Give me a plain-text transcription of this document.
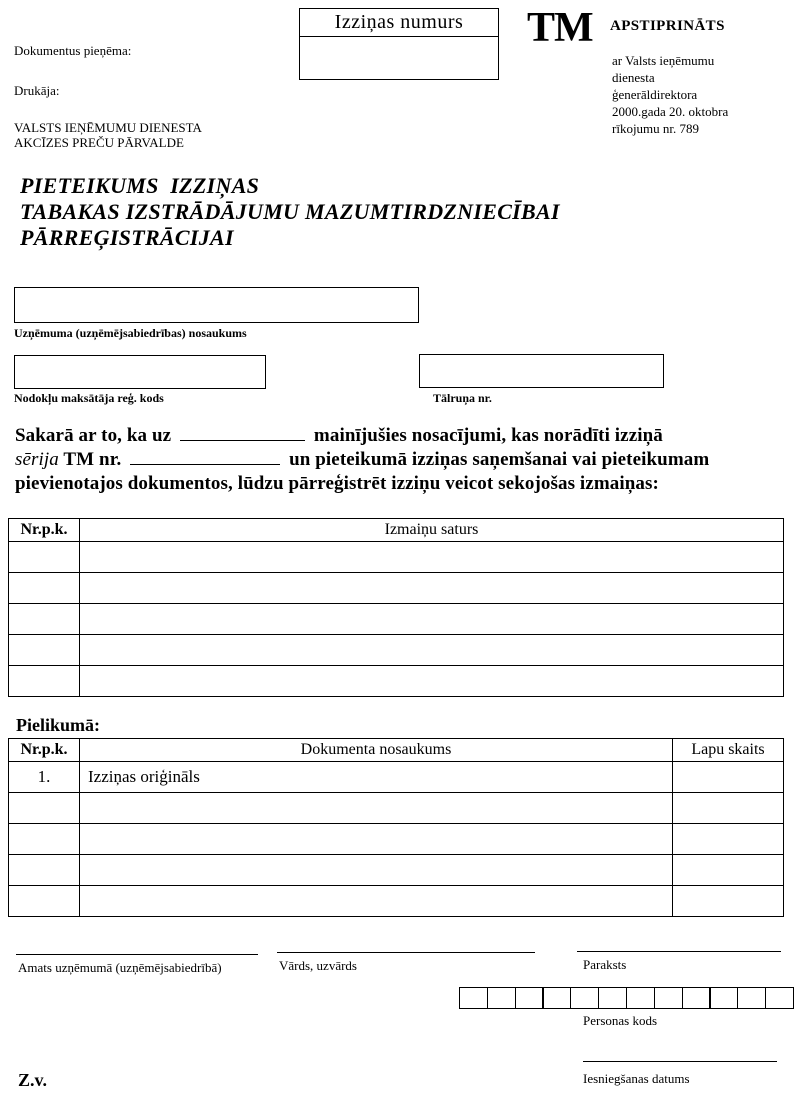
Dokumentus pieņēma:
Drukāja:
VALSTS IEŅĒMUMU DIENESTA
AKCĪZES PREČU PĀRVALDE
Izziņas numurs	TM APSTIPRINĀTS
ar Valsts ieņēmumu
dienesta
ģenerāldirektora
2000.gada 20. oktobra
rīkojumu nr. 789
PIETEIKUMS  IZZIŅAS
TABAKAS IZSTRĀDĀJUMU MAZUMTIRDZNIECĪBAI
PĀRREĢISTRĀCIJAI
Uzņēmuma (uzņēmējsabiedrības) nosaukums
Nodokļu maksātāja reģ. kods	Tālruņa nr.
Sakarā ar to, ka uz	mainījušies nosacījumi, kas norādīti izziņā
sērija TM nr.	un pieteikumā izziņas saņemšanai vai pieteikumam
pievienotajos dokumentos, lūdzu pārreģistrēt izziņu veicot sekojošas izmaiņas:
Nr.p.k.	Izmaiņu saturs

Pielikumā:
Nr.p.k.	Dokumenta nosaukums	Lapu skaits
1.	Izziņas oriģināls	

Amats uzņēmumā (uzņēmējsabiedrībā)	Vārds, uzvārds	Paraksts
Personas kods
Iesniegšanas datums
Z.v.
